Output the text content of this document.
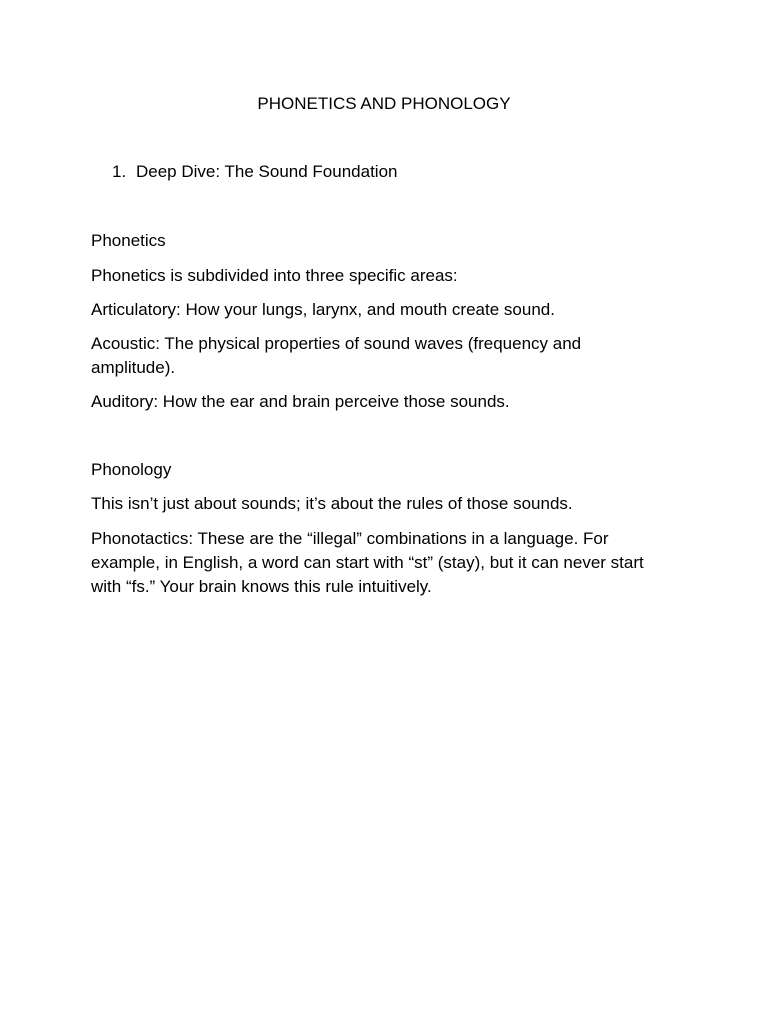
PHONETICS AND PHONOLOGY

1. Deep Dive: The Sound Foundation

Phonetics

Phonetics is subdivided into three specific areas:

Articulatory: How your lungs, larynx, and mouth create sound.

Acoustic: The physical properties of sound waves (frequency and amplitude).

Auditory: How the ear and brain perceive those sounds.

Phonology

This isn’t just about sounds; it’s about the rules of those sounds.

Phonotactics: These are the “illegal” combinations in a language. For example, in English, a word can start with “st” (stay), but it can never start with “fs.” Your brain knows this rule intuitively.
